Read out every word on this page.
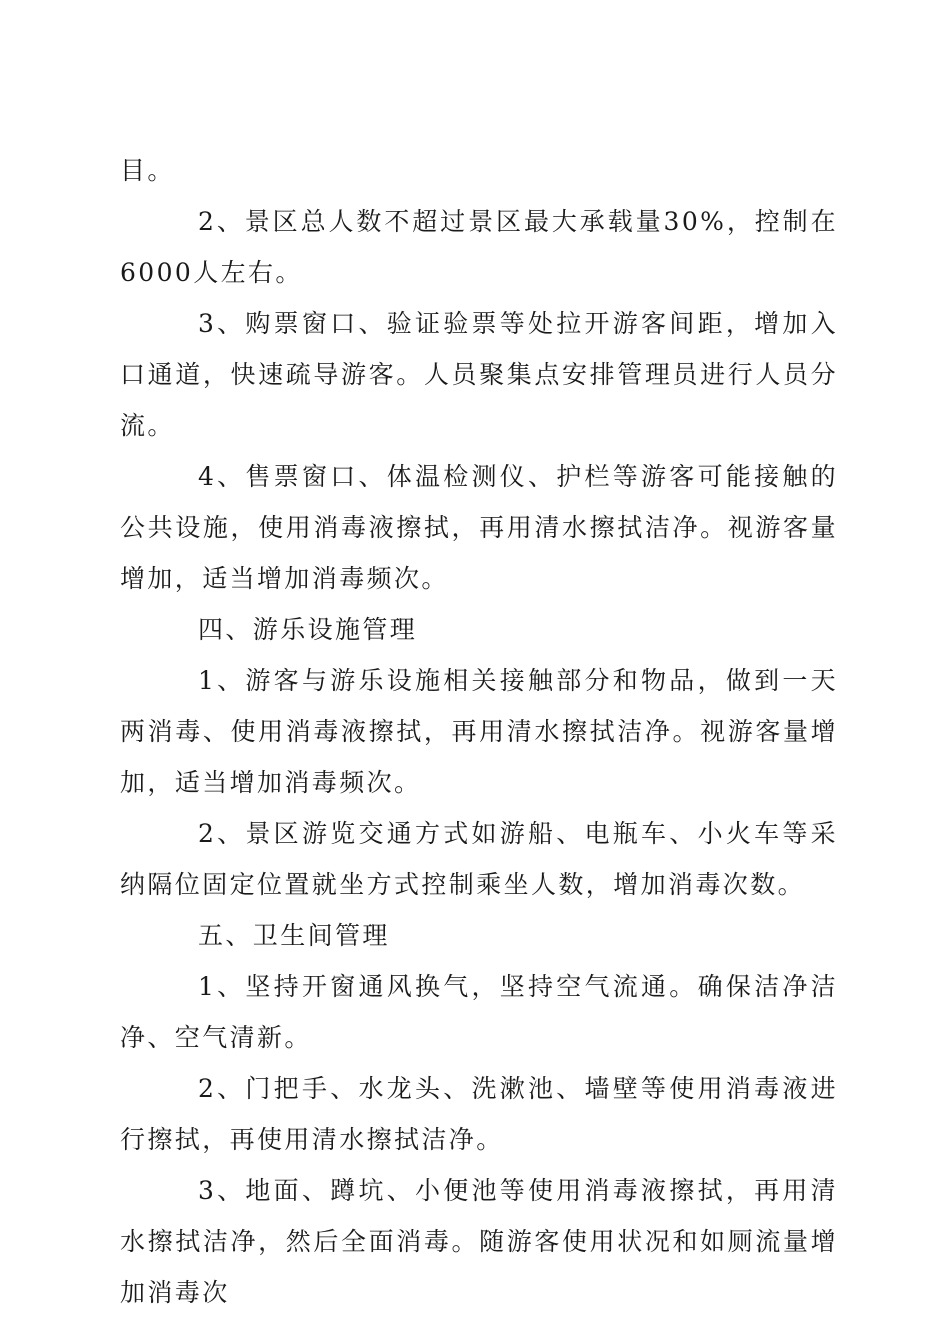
目。

2、景区总人数不超过景区最大承载量30%，控制在6000人左右。

3、购票窗口、验证验票等处拉开游客间距，增加入口通道，快速疏导游客。人员聚集点安排管理员进行人员分流。

4、售票窗口、体温检测仪、护栏等游客可能接触的公共设施，使用消毒液擦拭，再用清水擦拭洁净。视游客量增加，适当增加消毒频次。

四、游乐设施管理

1、游客与游乐设施相关接触部分和物品，做到一天两消毒、使用消毒液擦拭，再用清水擦拭洁净。视游客量增加，适当增加消毒频次。

2、景区游览交通方式如游船、电瓶车、小火车等采纳隔位固定位置就坐方式控制乘坐人数，增加消毒次数。

五、卫生间管理

1、坚持开窗通风换气，坚持空气流通。确保洁净洁净、空气清新。

2、门把手、水龙头、洗漱池、墙壁等使用消毒液进行擦拭，再使用清水擦拭洁净。

3、地面、蹲坑、小便池等使用消毒液擦拭，再用清水擦拭洁净，然后全面消毒。随游客使用状况和如厕流量增加消毒次
